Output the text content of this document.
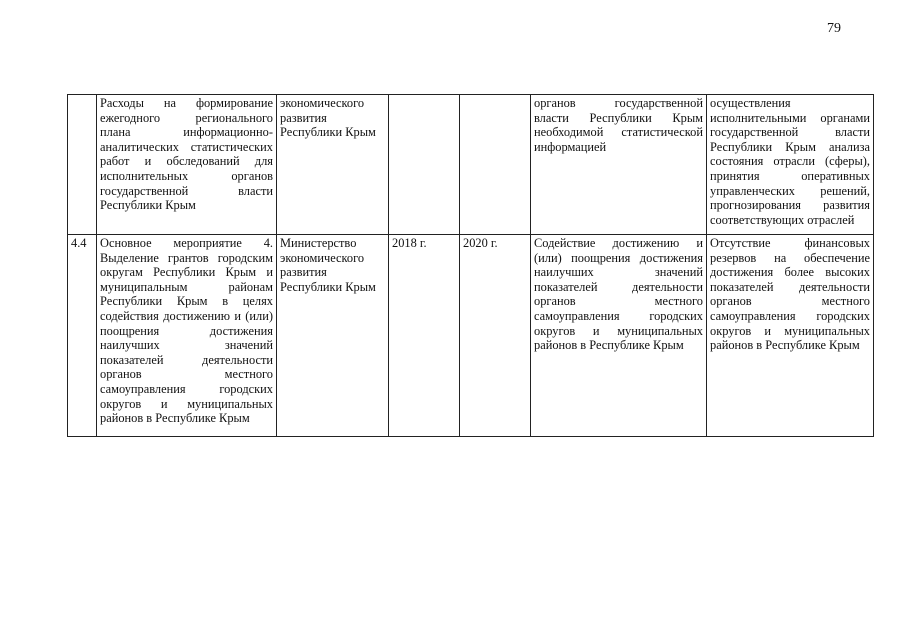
79
	Расходы на формирование ежегодного регионального плана информационно-аналитических статистических работ и обследований для исполнительных органов государственной власти Республики Крым	экономического развития Республики Крым			органов государственной власти Республики Крым необходимой статистической информацией	осуществления исполнительными органами государственной власти Республики Крым анализа состояния отрасли (сферы), принятия оперативных управленческих решений, прогнозирования развития соответствующих отраслей
4.4	Основное мероприятие 4. Выделение грантов городским округам Республики Крым и муниципальным районам Республики Крым в целях содействия достижению и (или) поощрения достижения наилучших значений показателей деятельности органов местного самоуправления городских округов и муниципальных районов в Республике Крым	Министерство экономического развития Республики Крым	2018 г.	2020 г.	Содействие достижению и (или) поощрения достижения наилучших значений показателей деятельности органов местного самоуправления городских округов и муниципальных районов в Республике Крым	Отсутствие финансовых резервов на обеспечение достижения более высоких показателей деятельности органов местного самоуправления городских округов и муниципальных районов в Республике Крым
